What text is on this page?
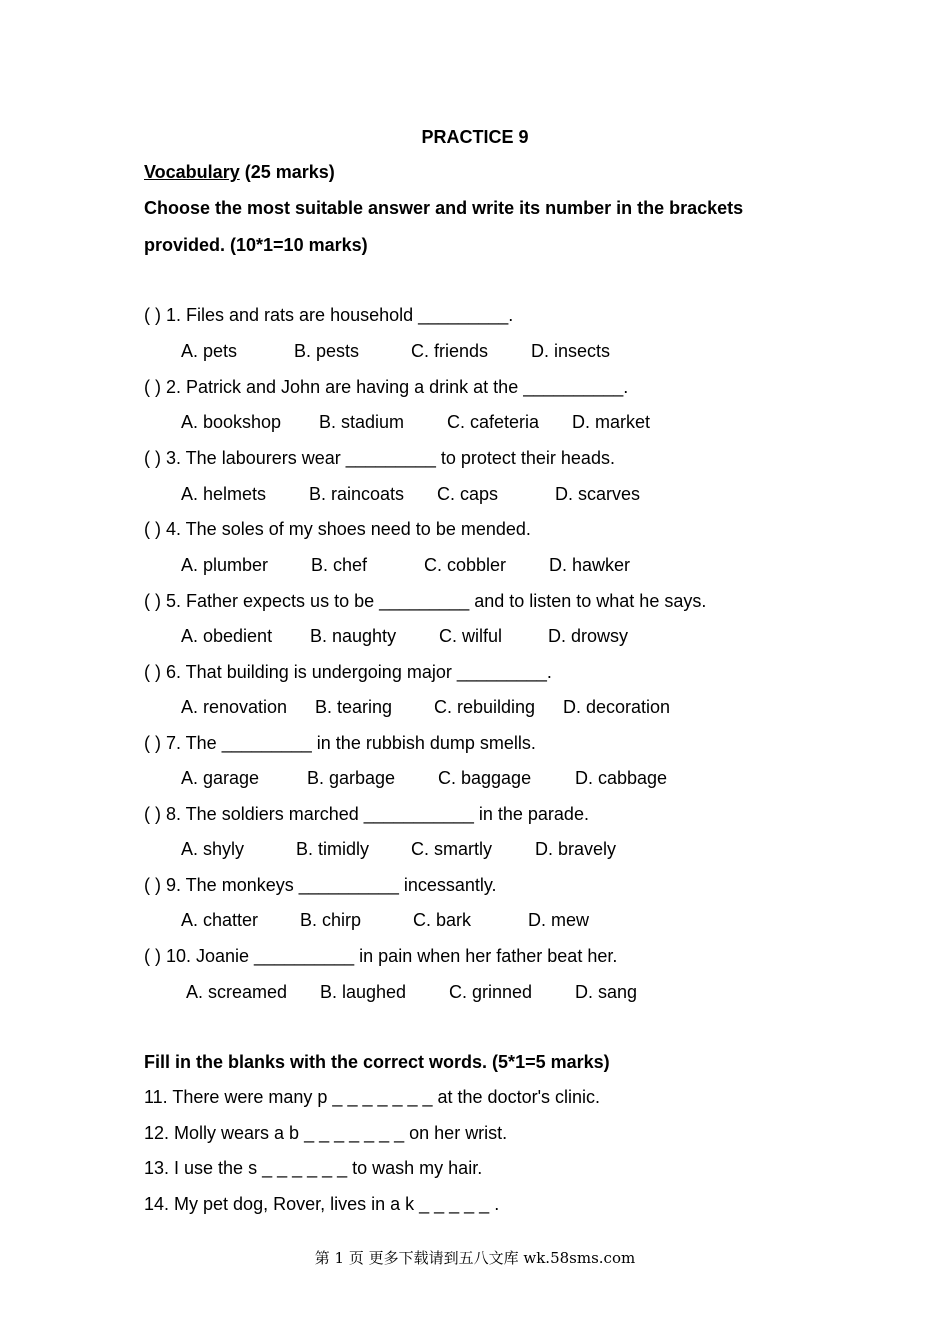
PRACTICE 9
Vocabulary (25 marks)
Choose the most suitable answer and write its number in the brackets
provided. (10*1=10 marks)
( ) 1. Files and rats are household _________.
A. pets	B. pests	C. friends D. insects
( ) 2. Patrick and John are having a drink at the __________.
A. bookshop B. stadium C. cafeteria D. market
( ) 3. The labourers wear _________ to protect their heads.
A. helmets B. raincoats C. caps	D. scarves
( ) 4. The soles of my shoes need to be mended.
A. plumber B. chef	C. cobbler D. hawker
( ) 5. Father expects us to be _________ and to listen to what he says.
A. obedient B. naughty C. wilful	D. drowsy
( ) 6. That building is undergoing major _________.
A. renovation B. tearing C. rebuilding D. decoration
( ) 7. The _________ in the rubbish dump smells.
A. garage	B. garbage C. baggage D. cabbage
( ) 8. The soldiers marched ___________ in the parade.
A. shyly	B. timidly C. smartly D. bravely
( ) 9. The monkeys __________ incessantly.
A. chatter B. chirp	C. bark	D. mew
( ) 10. Joanie __________ in pain when her father beat her.
A. screamed B. laughed C. grinned D. sang
Fill in the blanks with the correct words. (5*1=5 marks)
11. There were many p _ _ _ _ _ _ _ at the doctor's clinic.
12. Molly wears a b _ _ _ _ _ _ _ on her wrist.
13. I use the s _ _ _ _ _ _ to wash my hair.
14. My pet dog, Rover, lives in a k _ _ _ _ _ .
第 1 页 更多下载请到五八文库 wk.58sms.com
